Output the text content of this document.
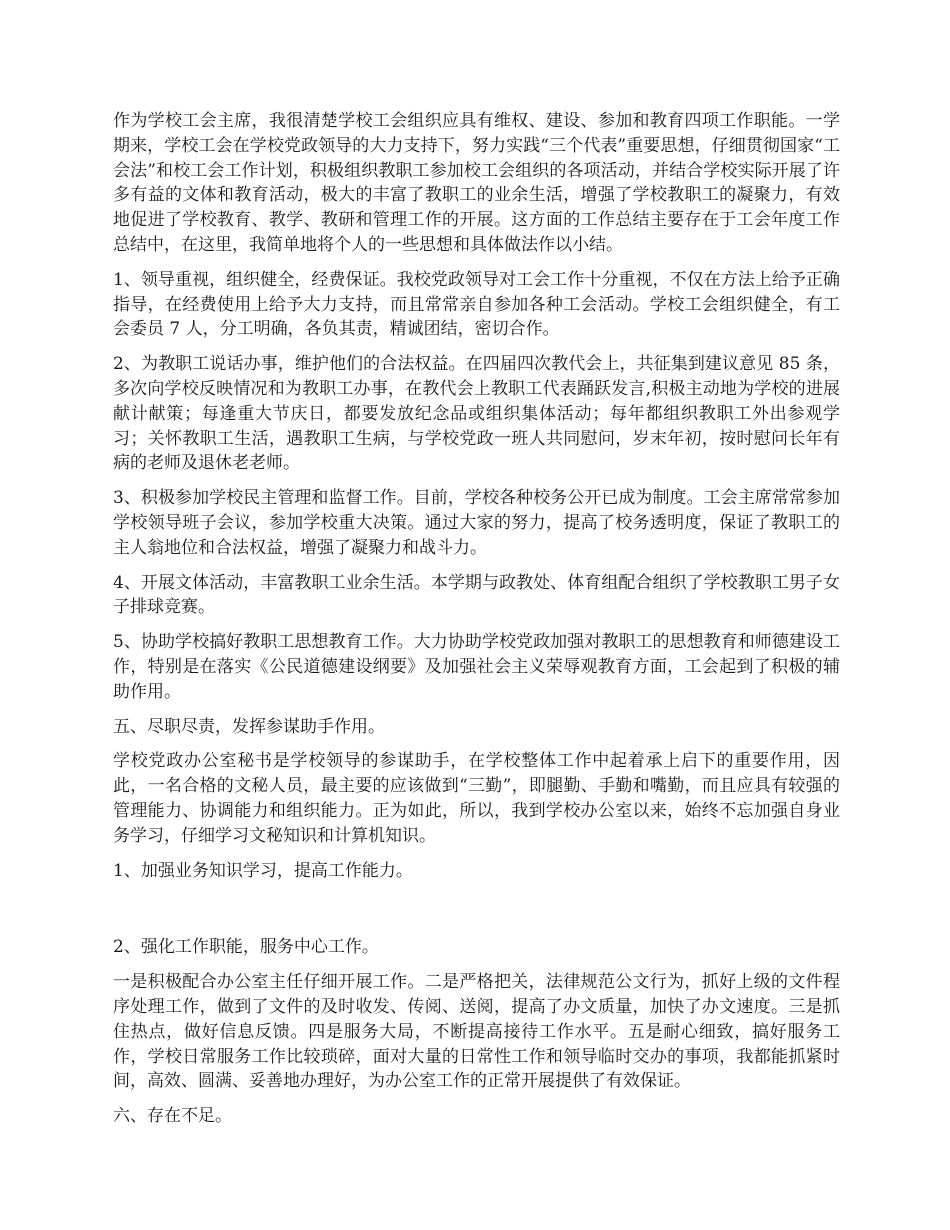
作为学校工会主席，我很清楚学校工会组织应具有维权、建设、参加和教育四项工作职能。一学期来，学校工会在学校党政领导的大力支持下，努力实践“三个代表”重要思想，仔细贯彻国家“工会法”和校工会工作计划，积极组织教职工参加校工会组织的各项活动，并结合学校实际开展了许多有益的文体和教育活动，极大的丰富了教职工的业余生活，增强了学校教职工的凝聚力，有效地促进了学校教育、教学、教研和管理工作的开展。这方面的工作总结主要存在于工会年度工作总结中，在这里，我简单地将个人的一些思想和具体做法作以小结。

1、领导重视，组织健全，经费保证。我校党政领导对工会工作十分重视，不仅在方法上给予正确指导，在经费使用上给予大力支持，而且常常亲自参加各种工会活动。学校工会组织健全，有工会委员 7 人，分工明确，各负其责，精诚团结，密切合作。

2、为教职工说话办事，维护他们的合法权益。在四届四次教代会上，共征集到建议意见 85 条，多次向学校反映情况和为教职工办事，在教代会上教职工代表踊跃发言,积极主动地为学校的进展献计献策；每逢重大节庆日，都要发放纪念品或组织集体活动；每年都组织教职工外出参观学习；关怀教职工生活，遇教职工生病，与学校党政一班人共同慰问，岁末年初，按时慰问长年有病的老师及退休老老师。

3、积极参加学校民主管理和监督工作。目前，学校各种校务公开已成为制度。工会主席常常参加学校领导班子会议，参加学校重大决策。通过大家的努力，提高了校务透明度，保证了教职工的主人翁地位和合法权益，增强了凝聚力和战斗力。

4、开展文体活动，丰富教职工业余生活。本学期与政教处、体育组配合组织了学校教职工男子女子排球竞赛。

5、协助学校搞好教职工思想教育工作。大力协助学校党政加强对教职工的思想教育和师德建设工作，特别是在落实《公民道德建设纲要》及加强社会主义荣辱观教育方面，工会起到了积极的辅助作用。

五、尽职尽责，发挥参谋助手作用。

学校党政办公室秘书是学校领导的参谋助手，在学校整体工作中起着承上启下的重要作用，因此，一名合格的文秘人员，最主要的应该做到“三勤”，即腿勤、手勤和嘴勤，而且应具有较强的管理能力、协调能力和组织能力。正为如此，所以，我到学校办公室以来，始终不忘加强自身业务学习，仔细学习文秘知识和计算机知识。

1、加强业务知识学习，提高工作能力。

2、强化工作职能，服务中心工作。

一是积极配合办公室主任仔细开展工作。二是严格把关，法律规范公文行为，抓好上级的文件程序处理工作，做到了文件的及时收发、传阅、送阅，提高了办文质量，加快了办文速度。三是抓住热点，做好信息反馈。四是服务大局，不断提高接待工作水平。五是耐心细致，搞好服务工作，学校日常服务工作比较琐碎，面对大量的日常性工作和领导临时交办的事项，我都能抓紧时间，高效、圆满、妥善地办理好，为办公室工作的正常开展提供了有效保证。

六、存在不足。
